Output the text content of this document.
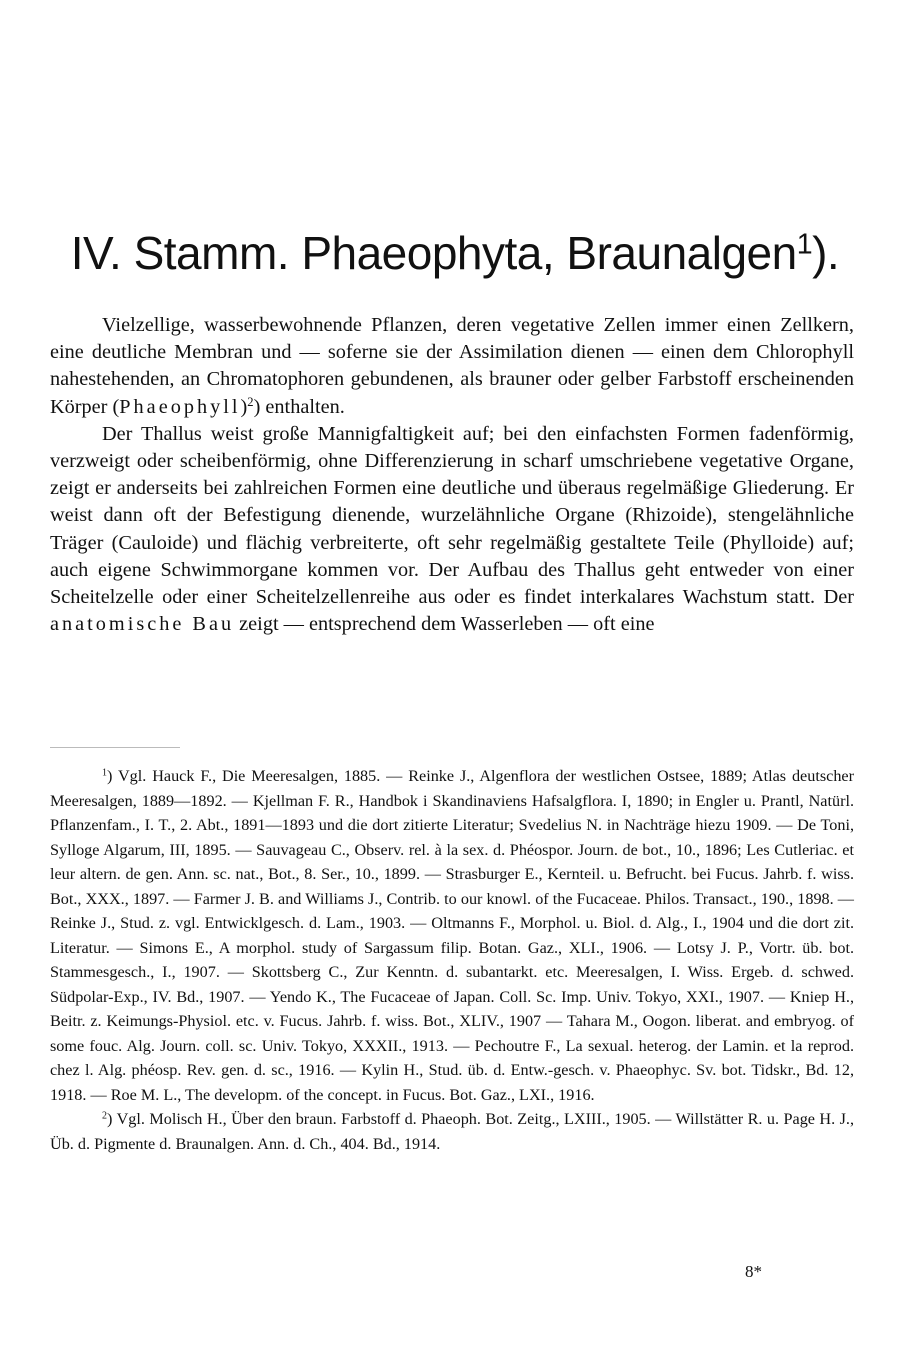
IV. Stamm. Phaeophyta, Braunalgen$^1$).

Vielzellige, wasserbewohnende Pflanzen, deren vegetative Zellen immer einen Zellkern, eine deutliche Membran und — soferne sie der Assimilation dienen — einen dem Chlorophyll nahestehenden, an Chromatophoren gebundenen, als brauner oder gelber Farbstoff erscheinenden Körper (Phaeophyll)$^2$) enthalten.

Der Thallus weist große Mannigfaltigkeit auf; bei den einfachsten Formen fadenförmig, verzweigt oder scheibenförmig, ohne Differenzierung in scharf umschriebene vegetative Organe, zeigt er anderseits bei zahlreichen Formen eine deutliche und überaus regelmäßige Gliederung. Er weist dann oft der Befestigung dienende, wurzelähnliche Organe (Rhizoide), stengelähnliche Träger (Cauloide) und flächig verbreiterte, oft sehr regelmäßig gestaltete Teile (Phylloide) auf; auch eigene Schwimmorgane kommen vor. Der Aufbau des Thallus geht entweder von einer Scheitelzelle oder einer Scheitelzellenreihe aus oder es findet interkalares Wachstum statt. Der anatomische Bau zeigt — entsprechend dem Wasserleben — oft eine

$^1$) Vgl. Hauck F., Die Meeresalgen, 1885. — Reinke J., Algenflora der westlichen Ostsee, 1889; Atlas deutscher Meeresalgen, 1889—1892. — Kjellman F. R., Handbok i Skandinaviens Hafsalgflora. I, 1890; in Engler u. Prantl, Natürl. Pflanzenfam., I. T., 2. Abt., 1891—1893 und die dort zitierte Literatur; Svedelius N. in Nachträge hiezu 1909. — De Toni, Sylloge Algarum, III, 1895. — Sauvageau C., Observ. rel. à la sex. d. Phéospor. Journ. de bot., 10., 1896; Les Cutleriac. et leur altern. de gen. Ann. sc. nat., Bot., 8. Ser., 10., 1899. — Strasburger E., Kernteil. u. Befrucht. bei Fucus. Jahrb. f. wiss. Bot., XXX., 1897. — Farmer J. B. and Williams J., Contrib. to our knowl. of the Fucaceae. Philos. Transact., 190., 1898. — Reinke J., Stud. z. vgl. Entwicklgesch. d. Lam., 1903. — Oltmanns F., Morphol. u. Biol. d. Alg., I., 1904 und die dort zit. Literatur. — Simons E., A morphol. study of Sargassum filip. Botan. Gaz., XLI., 1906. — Lotsy J. P., Vortr. üb. bot. Stammesgesch., I., 1907. — Skottsberg C., Zur Kenntn. d. subantarkt. etc. Meeresalgen, I. Wiss. Ergeb. d. schwed. Südpolar-Exp., IV. Bd., 1907. — Yendo K., The Fucaceae of Japan. Coll. Sc. Imp. Univ. Tokyo, XXI., 1907. — Kniep H., Beitr. z. Keimungs-Physiol. etc. v. Fucus. Jahrb. f. wiss. Bot., XLIV., 1907 — Tahara M., Oogon. liberat. and embryog. of some fouc. Alg. Journ. coll. sc. Univ. Tokyo, XXXII., 1913. — Pechoutre F., La sexual. heterog. der Lamin. et la reprod. chez l. Alg. phéosp. Rev. gen. d. sc., 1916. — Kylin H., Stud. üb. d. Entw.-gesch. v. Phaeophyc. Sv. bot. Tidskr., Bd. 12, 1918. — Roe M. L., The developm. of the concept. in Fucus. Bot. Gaz., LXI., 1916.

$^2$) Vgl. Molisch H., Über den braun. Farbstoff d. Phaeoph. Bot. Zeitg., LXIII., 1905. — Willstätter R. u. Page H. J., Üb. d. Pigmente d. Braunalgen. Ann. d. Ch., 404. Bd., 1914.

8*
